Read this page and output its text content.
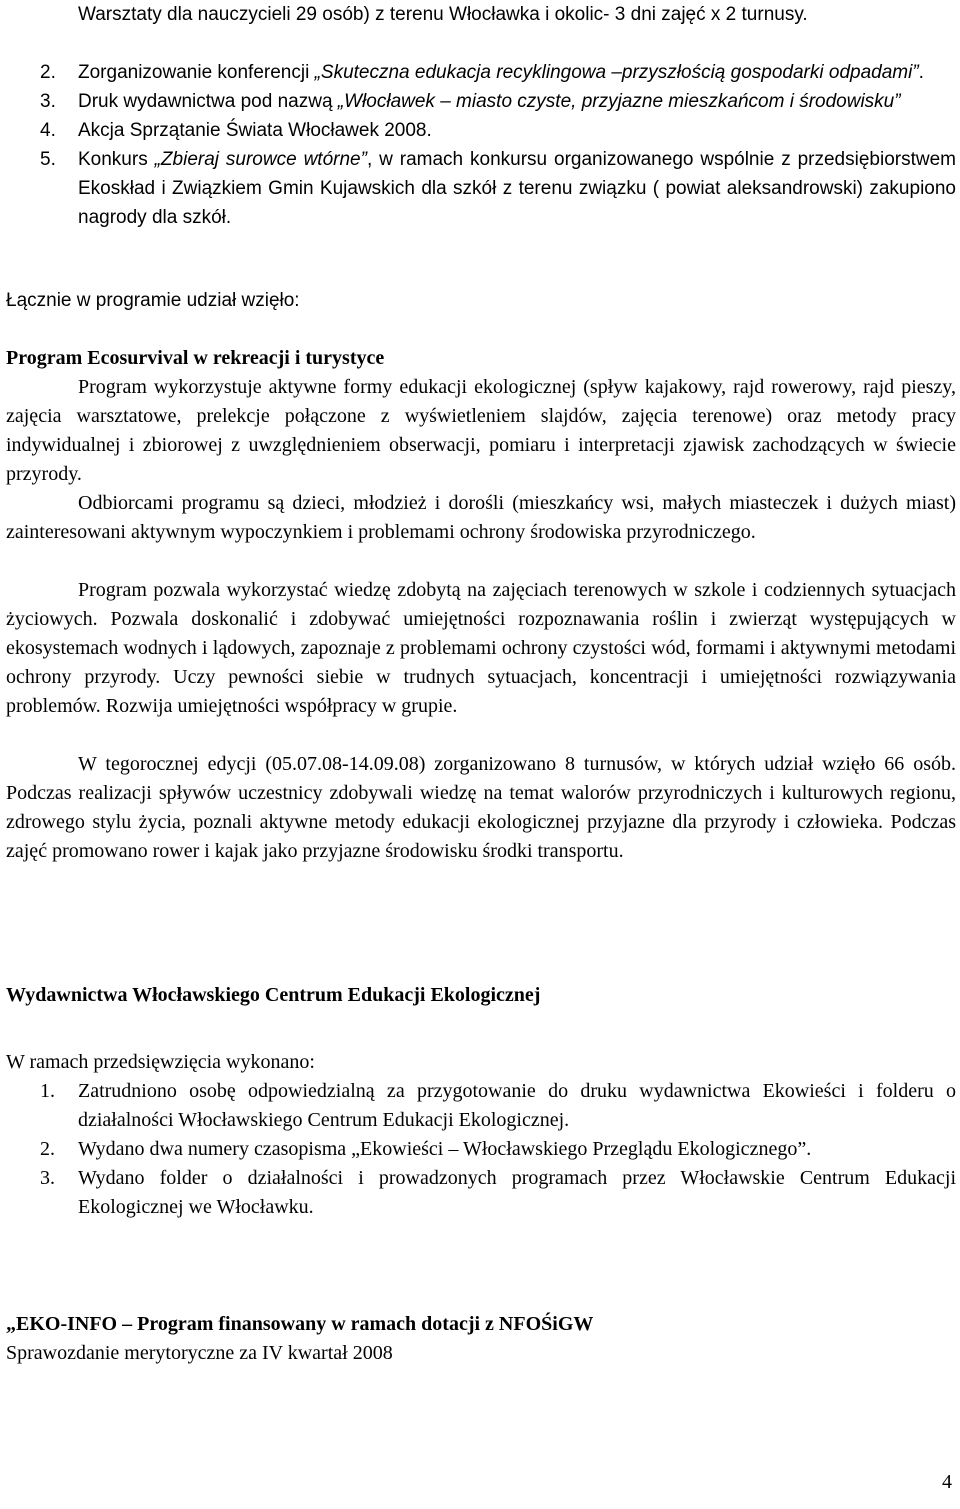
Warsztaty dla nauczycieli 29 osób) z terenu Włocławka i okolic- 3 dni zajęć x 2 turnusy.

2. Zorganizowanie konferencji „Skuteczna edukacja recyklingowa –przyszłością gospodarki odpadami”.
3. Druk wydawnictwa pod nazwą „Włocławek – miasto czyste, przyjazne mieszkańcom i środowisku”
4. Akcja Sprzątanie Świata Włocławek 2008.
5. Konkurs „Zbieraj surowce wtórne”, w ramach konkursu organizowanego wspólnie z przedsiębiorstwem Ekoskład i Związkiem Gmin Kujawskich dla szkół z terenu związku ( powiat aleksandrowski) zakupiono nagrody dla szkół.

Łącznie w programie udział wzięło:

Program Ecosurvival w rekreacji i turystyce

Program wykorzystuje aktywne formy edukacji ekologicznej (spływ kajakowy, rajd rowerowy, rajd pieszy, zajęcia warsztatowe, prelekcje połączone z wyświetleniem slajdów, zajęcia terenowe) oraz metody pracy indywidualnej i zbiorowej z uwzględnieniem obserwacji, pomiaru i interpretacji zjawisk zachodzących w świecie przyrody.

Odbiorcami programu są dzieci, młodzież i dorośli (mieszkańcy wsi, małych miasteczek i dużych miast) zainteresowani aktywnym wypoczynkiem i problemami ochrony środowiska przyrodniczego.

Program pozwala wykorzystać wiedzę zdobytą na zajęciach terenowych w szkole i codziennych sytuacjach życiowych. Pozwala doskonalić i zdobywać umiejętności rozpoznawania roślin i zwierząt występujących w ekosystemach wodnych i lądowych, zapoznaje z problemami ochrony czystości wód, formami i aktywnymi metodami ochrony przyrody. Uczy pewności siebie w trudnych sytuacjach, koncentracji i umiejętności rozwiązywania problemów. Rozwija umiejętności współpracy w grupie.

W tegorocznej edycji (05.07.08-14.09.08) zorganizowano 8 turnusów, w których udział wzięło 66 osób. Podczas realizacji spływów uczestnicy zdobywali wiedzę na temat walorów przyrodniczych i kulturowych regionu, zdrowego stylu życia, poznali aktywne metody edukacji ekologicznej przyjazne dla przyrody i człowieka. Podczas zajęć promowano rower i kajak jako przyjazne środowisku środki transportu.

Wydawnictwa Włocławskiego Centrum Edukacji Ekologicznej

W ramach przedsięwzięcia wykonano:

1. Zatrudniono osobę odpowiedzialną za przygotowanie do druku wydawnictwa Ekowieści i folderu o działalności Włocławskiego Centrum Edukacji Ekologicznej.
2. Wydano dwa numery czasopisma „Ekowieści – Włocławskiego Przeglądu Ekologicznego”.
3. Wydano folder o działalności i prowadzonych programach przez Włocławskie Centrum Edukacji Ekologicznej we Włocławku.
„EKO-INFO – Program finansowany w ramach dotacji z NFOŚiGW

Sprawozdanie merytoryczne za IV kwartał 2008

4
